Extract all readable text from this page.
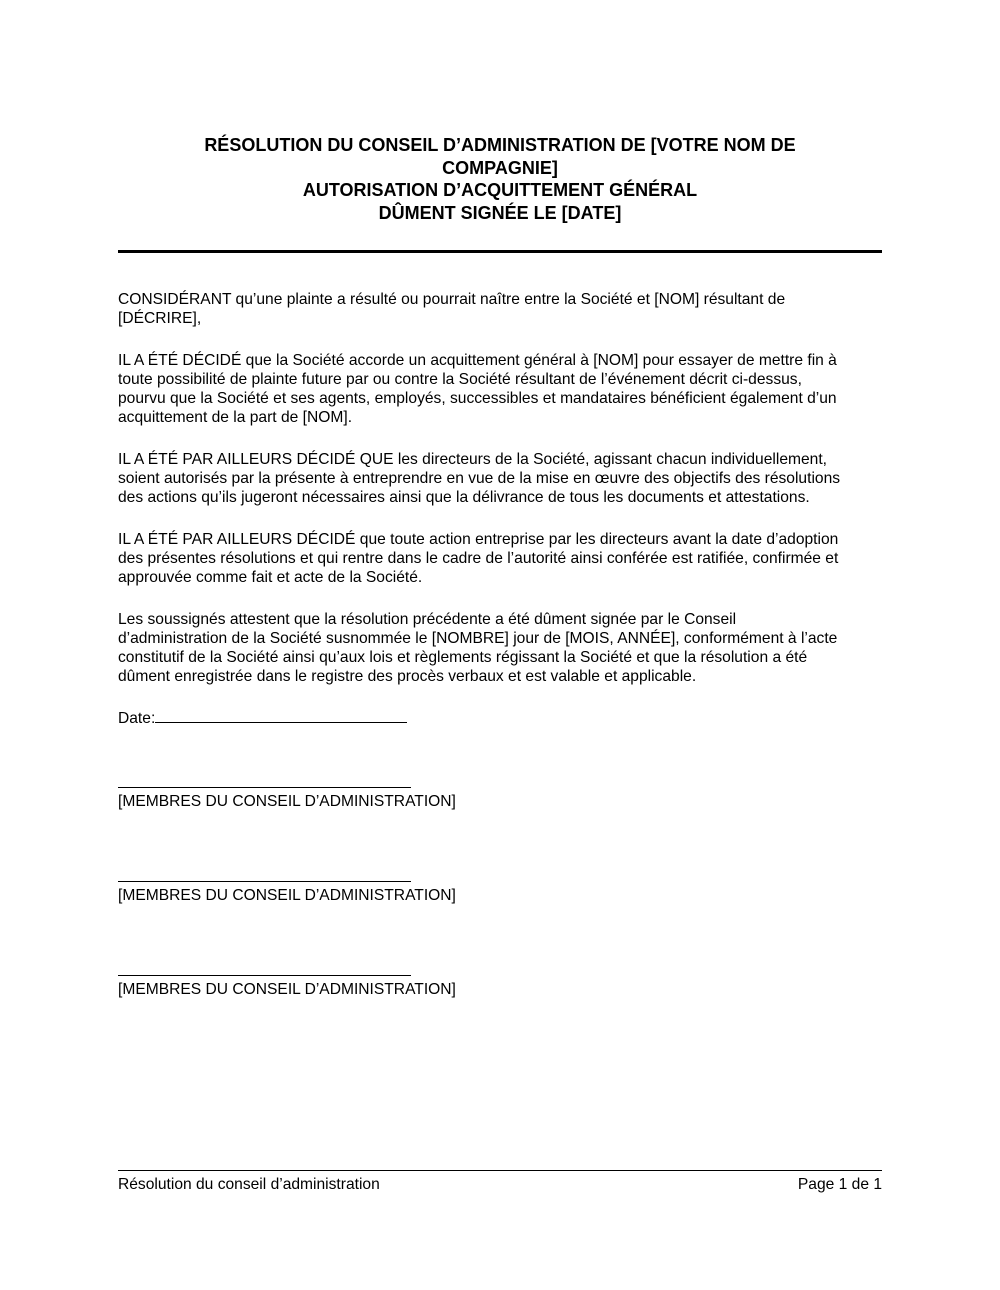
RÉSOLUTION DU CONSEIL D’ADMINISTRATION DE [VOTRE NOM DE
COMPAGNIE]
AUTORISATION D’ACQUITTEMENT GÉNÉRAL
DÛMENT SIGNÉE LE [DATE]
CONSIDÉRANT qu’une plainte a résulté ou pourrait naître entre la Société et [NOM] résultant de
[DÉCRIRE],
IL A ÉTÉ DÉCIDÉ que la Société accorde un acquittement général à [NOM] pour essayer de mettre fin à
toute possibilité de plainte future par ou contre la Société résultant de l’événement décrit ci-dessus,
pourvu que la Société et ses agents, employés, successibles et mandataires bénéficient également d’un
acquittement de la part de [NOM].
IL A ÉTÉ PAR AILLEURS DÉCIDÉ QUE les directeurs de la Société, agissant chacun individuellement,
soient autorisés par la présente à entreprendre en vue de la mise en œuvre des objectifs des résolutions
des actions qu’ils jugeront nécessaires ainsi que la délivrance de tous les documents et attestations.
IL A ÉTÉ PAR AILLEURS DÉCIDÉ que toute action entreprise par les directeurs avant la date d’adoption
des présentes résolutions et qui rentre dans le cadre de l’autorité ainsi conférée est ratifiée, confirmée et
approuvée comme fait et acte de la Société.
Les soussignés attestent que la résolution précédente a été dûment signée par le Conseil
d’administration de la Société susnommée le [NOMBRE] jour de [MOIS, ANNÉE], conformément à l’acte
constitutif de la Société ainsi qu’aux lois et règlements régissant la Société et que la résolution a été
dûment enregistrée dans le registre des procès verbaux et est valable et applicable.
Date:
[MEMBRES DU CONSEIL D’ADMINISTRATION]
[MEMBRES DU CONSEIL D’ADMINISTRATION]
[MEMBRES DU CONSEIL D’ADMINISTRATION]
Résolution du conseil d’administration	Page 1 de 1
